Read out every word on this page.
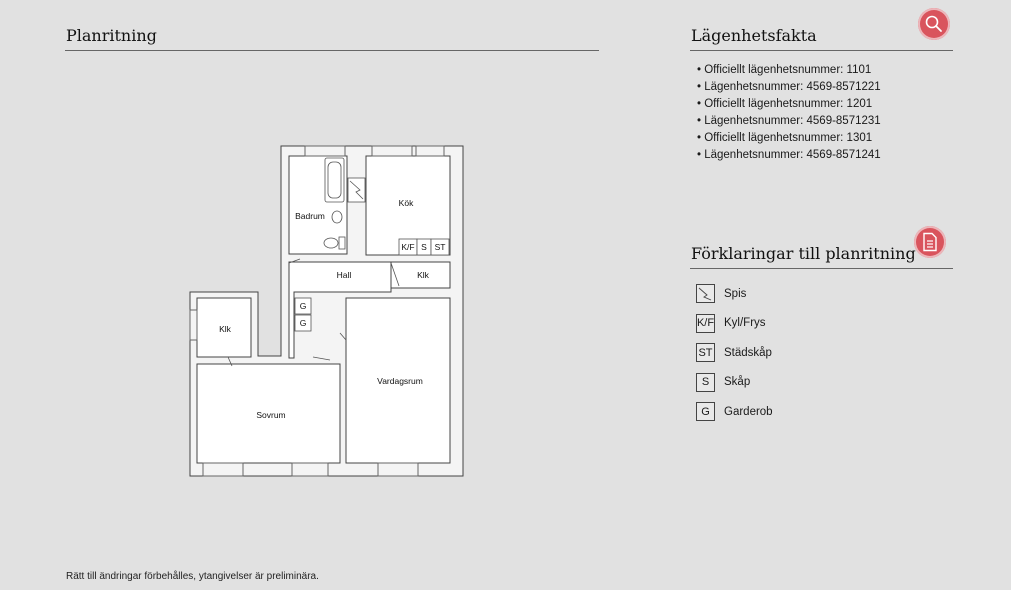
Planritning
Badrum
Kök
Hall	Klk
Klk
Sovrum
Vardagsrum
K/F S ST
G
G
Lägenhetsfakta
• Officiellt lägenhetsnummer: 1101
• Lägenhetsnummer: 4569-8571221
• Officiellt lägenhetsnummer: 1201
• Lägenhetsnummer: 4569-8571231
• Officiellt lägenhetsnummer: 1301
• Lägenhetsnummer: 4569-8571241
Förklaringar till planritning
Spis
K/F Kyl/Frys
ST Städskåp
S	Skåp
G	Garderob
Rätt till ändringar förbehålles, ytangivelser är preliminära.
